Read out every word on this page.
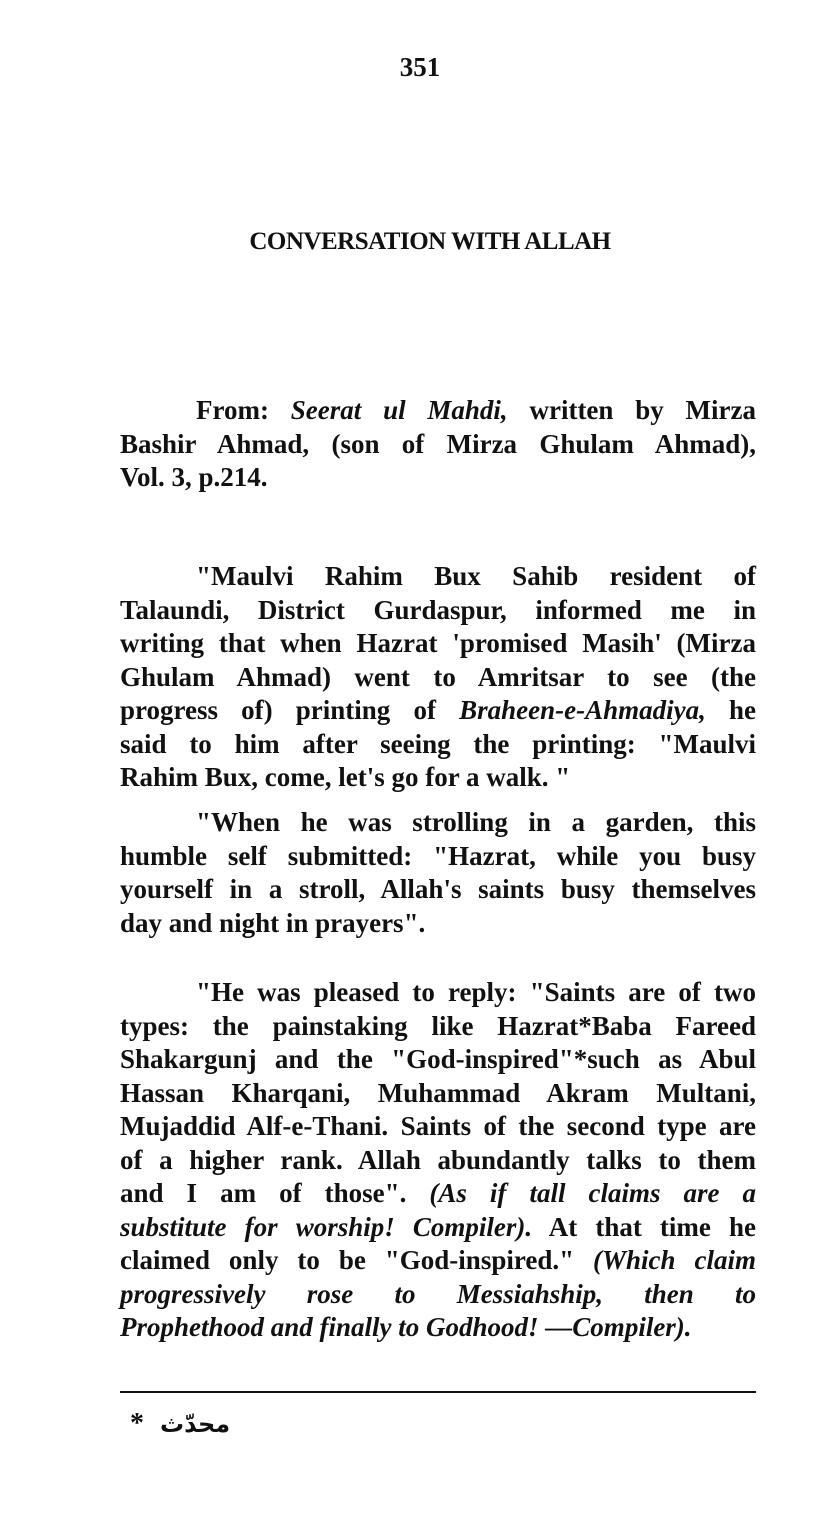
351
CONVERSATION WITH ALLAH
From: Seerat ul Mahdi, written by Mirza
Bashir Ahmad, (son of Mirza Ghulam Ahmad),
Vol. 3, p.214.
"Maulvi Rahim Bux Sahib resident of
Talaundi, District Gurdaspur, informed me in
writing that when Hazrat 'promised Masih' (Mirza
Ghulam Ahmad) went to Amritsar to see (the
progress of) printing of Braheen-e-Ahmadiya, he
said to him after seeing the printing: "Maulvi
Rahim Bux, come, let's go for a walk. "
"When he was strolling in a garden, this
humble self submitted: "Hazrat, while you busy
yourself in a stroll, Allah's saints busy themselves
day and night in prayers".
"He was pleased to reply: "Saints are of two
types: the painstaking like Hazrat*Baba Fareed
Shakargunj and the "God-inspired"*such as Abul
Hassan Kharqani, Muhammad Akram Multani,
Mujaddid Alf-e-Thani. Saints of the second type are
of a higher rank. Allah abundantly talks to them
and I am of those". (As if tall claims are a
substitute for worship! Compiler). At that time he
claimed only to be "God-inspired." (Which claim
progressively rose to Messiahship, then to
Prophethood and finally to Godhood! —Compiler).
* محدّث
